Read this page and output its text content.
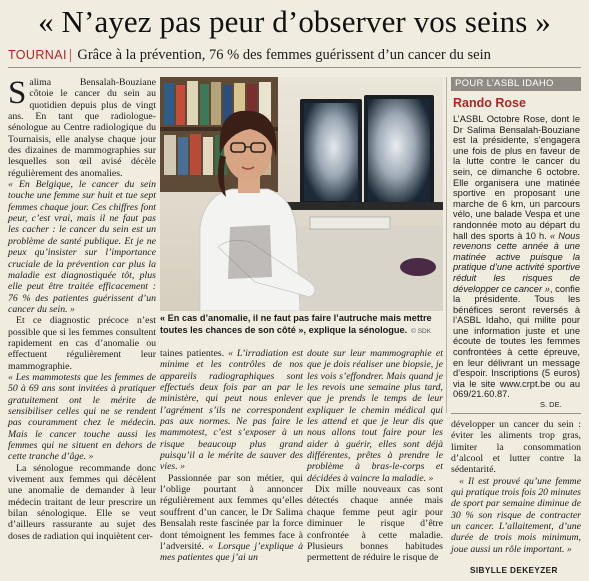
« N’ayez pas peur d’observer vos seins »
TOURNAI | Grâce à la prévention, 76 % des femmes guérissent d’un cancer du sein
« En cas d’anomalie, il ne faut pas faire l’autruche mais mettre toutes les chances de son côté », explique la sénologue. © SDK

Salima Bensalah-Bouziane côtoie le cancer du sein au quotidien depuis plus de vingt ans. En tant que radiologue-sénologue au Centre radiologique du Tournaisis, elle analyse chaque jour des dizaines de mammographies sur lesquelles son œil avisé décèle régulièrement des anomalies.

« En Belgique, le cancer du sein touche une femme sur huit et tue sept femmes chaque jour. Ces chiffres font peur, c’est vrai, mais il ne faut pas les cacher : le cancer du sein est un problème de santé publique. Et je ne peux qu’insister sur l’importance cruciale de la prévention car plus la maladie est diagnostiquée tôt, plus elle peut être traitée efficacement : 76 % des patientes guérissent d’un cancer du sein. »

Et ce diagnostic précoce n’est possible que si les femmes consultent rapidement en cas d’anomalie ou effectuent régulièrement leur mammographie.

« Les mammotests que les femmes de 50 à 69 ans sont invitées à pratiquer gratuitement ont le mérite de sensibiliser celles qui ne se rendent pas couramment chez le médecin. Mais le cancer touche aussi les femmes qui ne situent en dehors de cette tranche d’âge. »

La sénologue recommande donc vivement aux femmes qui décèlent une anomalie de demander à leur médecin traitant de leur prescrire un bilan sénologique. Elle se veut d’ailleurs rassurante au sujet des doses de radiation qui inquiètent cer-

taines patientes. « L’irradiation est minime et les contrôles de nos appareils radiographiques sont effectués deux fois par an par le ministère, qui peut nous enlever l’agrément s’ils ne correspondent pas aux normes. Ne pas faire le mammotest, c’est s’exposer à un risque beaucoup plus grand puisqu’il a le mérite de sauver des vies. »

Passionnée par son métier, qui l’oblige pourtant à annoncer régulièrement aux femmes qu’elles souffrent d’un cancer, le Dr Salima Bensalah reste fascinée par la force dont témoignent les femmes face à l’adversité. « Lorsque j’explique à mes patientes que j’ai un

doute sur leur mammographie et que je dois réaliser une biopsie, je les vois s’effondrer. Mais quand je les revois une semaine plus tard, que je prends le temps de leur expliquer le chemin médical qui les attend et que je leur dis que nous allons tout faire pour les aider à guérir, elles sont déjà différentes, prêtes à prendre le problème à bras-le-corps et décidées à vaincre la maladie. »

Dix mille nouveaux cas sont détectés chaque année mais chaque femme peut agir pour diminuer le risque d’être confrontée à cette maladie. Plusieurs bonnes habitudes permettent de réduire le risque de

POUR L’ASBL IDAHO
Rando Rose
L’ASBL Octobre Rose, dont le Dr Salima Bensalah-Bouziane est la présidente, s’engagera une fois de plus en faveur de la lutte contre le cancer du sein, ce dimanche 6 octobre. Elle organisera une matinée sportive en proposant une marche de 6 km, un parcours vélo, une balade Vespa et une randonnée moto au départ du hall des sports à 10 h. « Nous revenons cette année à une matinée active puisque la pratique d’une activité sportive réduit les risques de développer ce cancer », confie la présidente. Tous les bénéfices seront reversés à l’ASBL Idaho, qui milite pour une information juste et une écoute de toutes les femmes confrontées à cette épreuve, en leur délivrant un message d’espoir. Inscriptions (5 euros) via le site www.crpt.be ou au 069/21.60.87.
S. DE.

développer un cancer du sein : éviter les aliments trop gras, limiter la consommation d’alcool et lutter contre la sédentarité.

« Il est prouvé qu’une femme qui pratique trois fois 20 minutes de sport par semaine diminue de 30 % son risque de contracter un cancer. L’allaitement, d’une durée de trois mois minimum, joue aussi un rôle important. »

SIBYLLE DEKEYZER
